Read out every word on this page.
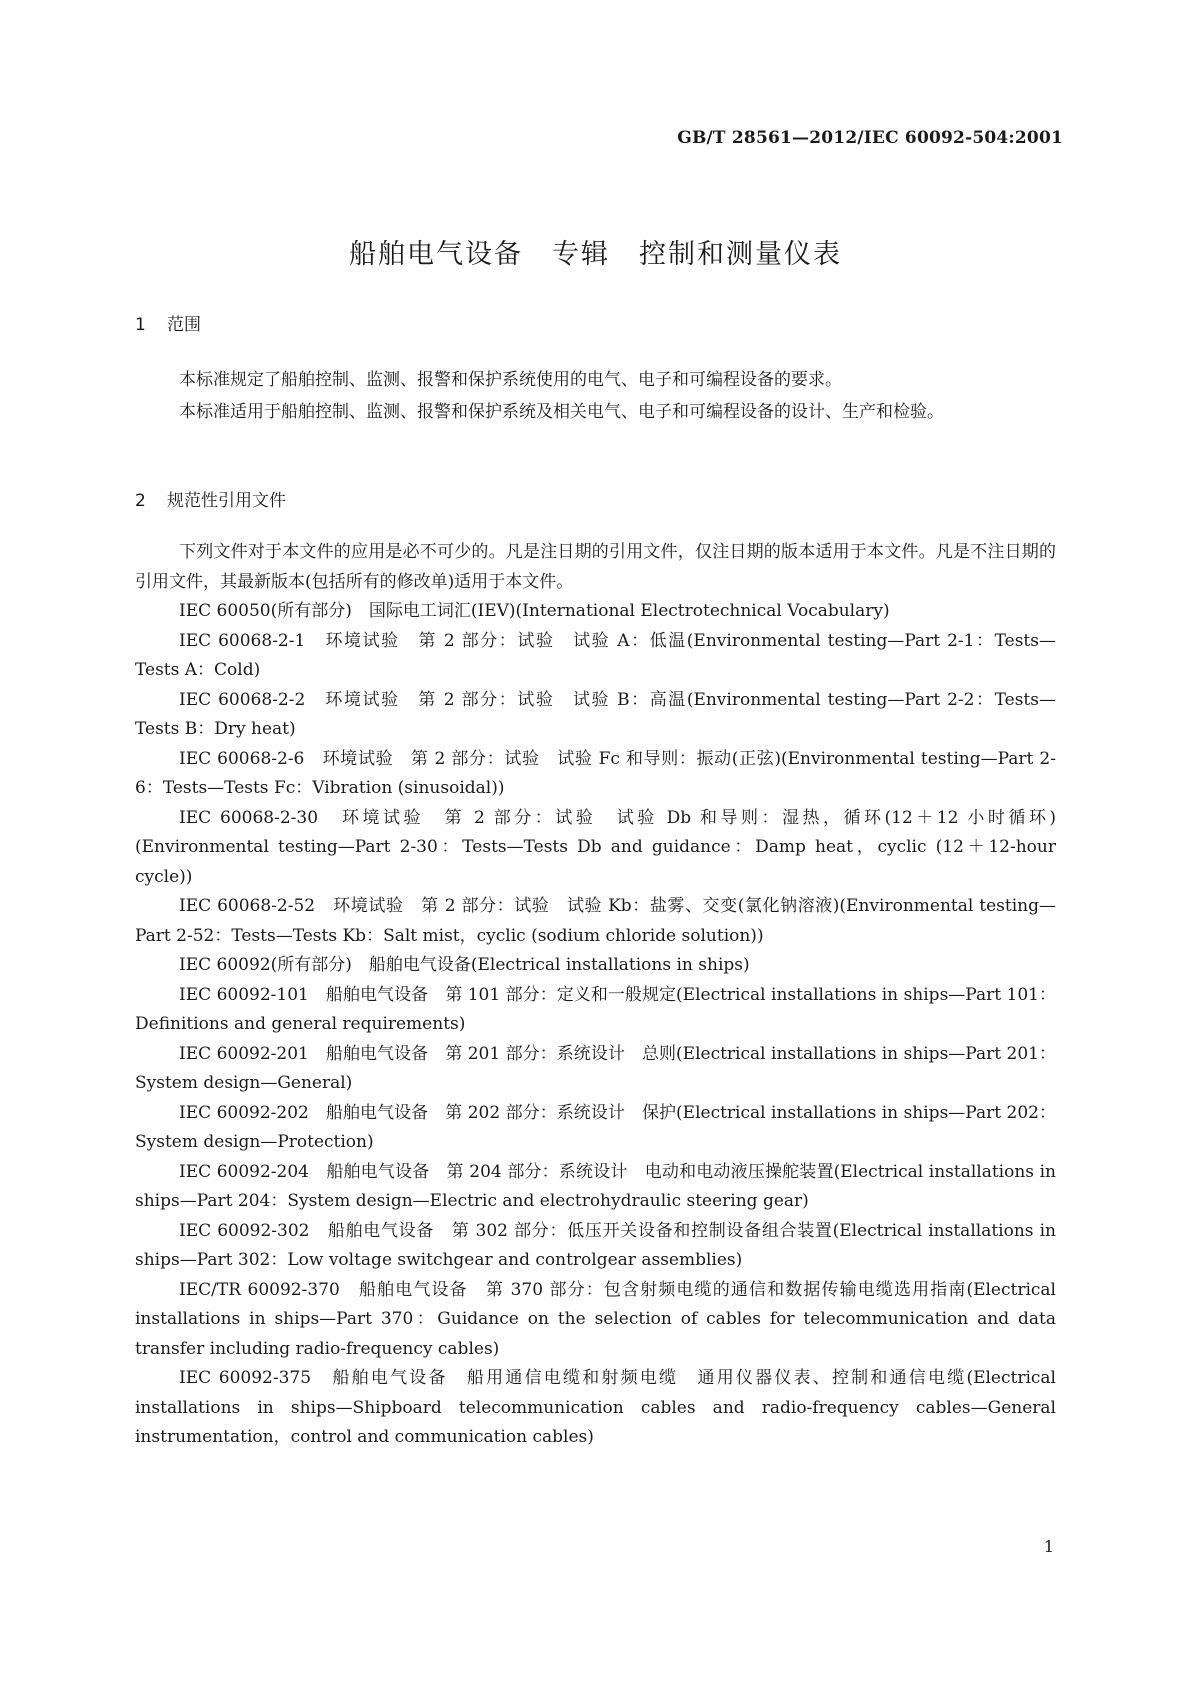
GB/T 28561—2012/IEC 60092-504:2001
船舶电气设备　专辑　控制和测量仪表
1 范围

本标准规定了船舶控制、监测、报警和保护系统使用的电气、电子和可编程设备的要求。

本标准适用于船舶控制、监测、报警和保护系统及相关电气、电子和可编程设备的设计、生产和检验。

2 规范性引用文件

下列文件对于本文件的应用是必不可少的。凡是注日期的引用文件，仅注日期的版本适用于本文件。凡是不注日期的引用文件，其最新版本(包括所有的修改单)适用于本文件。

IEC 60050(所有部分)　国际电工词汇(IEV)(International Electrotechnical Vocabulary)

IEC 60068-2-1　环境试验　第 2 部分：试验　试验 A：低温(Environmental testing—Part 2-1：Tests—Tests A：Cold)

IEC 60068-2-2　环境试验　第 2 部分：试验　试验 B：高温(Environmental testing—Part 2-2：Tests—Tests B：Dry heat)

IEC 60068-2-6　环境试验　第 2 部分：试验　试验 Fc 和导则：振动(正弦)(Environmental testing—Part 2-6：Tests—Tests Fc：Vibration (sinusoidal))

IEC 60068-2-30　环境试验　第 2 部分：试验　试验 Db 和导则：湿热，循环(12＋12 小时循环)(Environmental testing—Part 2-30：Tests—Tests Db and guidance：Damp heat，cyclic (12＋12-hour cycle))

IEC 60068-2-52　环境试验　第 2 部分：试验　试验 Kb：盐雾、交变(氯化钠溶液)(Environmental testing—Part 2-52：Tests—Tests Kb：Salt mist，cyclic (sodium chloride solution))

IEC 60092(所有部分)　船舶电气设备(Electrical installations in ships)

IEC 60092-101　船舶电气设备　第 101 部分：定义和一般规定(Electrical installations in ships—Part 101：Definitions and general requirements)

IEC 60092-201　船舶电气设备　第 201 部分：系统设计　总则(Electrical installations in ships—Part 201：System design—General)

IEC 60092-202　船舶电气设备　第 202 部分：系统设计　保护(Electrical installations in ships—Part 202：System design—Protection)

IEC 60092-204　船舶电气设备　第 204 部分：系统设计　电动和电动液压操舵装置(Electrical installations in ships—Part 204：System design—Electric and electrohydraulic steering gear)

IEC 60092-302　船舶电气设备　第 302 部分：低压开关设备和控制设备组合装置(Electrical installations in ships—Part 302：Low voltage switchgear and controlgear assemblies)

IEC/TR 60092-370　船舶电气设备　第 370 部分：包含射频电缆的通信和数据传输电缆选用指南(Electrical installations in ships—Part 370：Guidance on the selection of cables for telecommunication and data transfer including radio-frequency cables)

IEC 60092-375　船舶电气设备　船用通信电缆和射频电缆　通用仪器仪表、控制和通信电缆(Electrical installations in ships—Shipboard telecommunication cables and radio-frequency cables—General instrumentation，control and communication cables)

1
